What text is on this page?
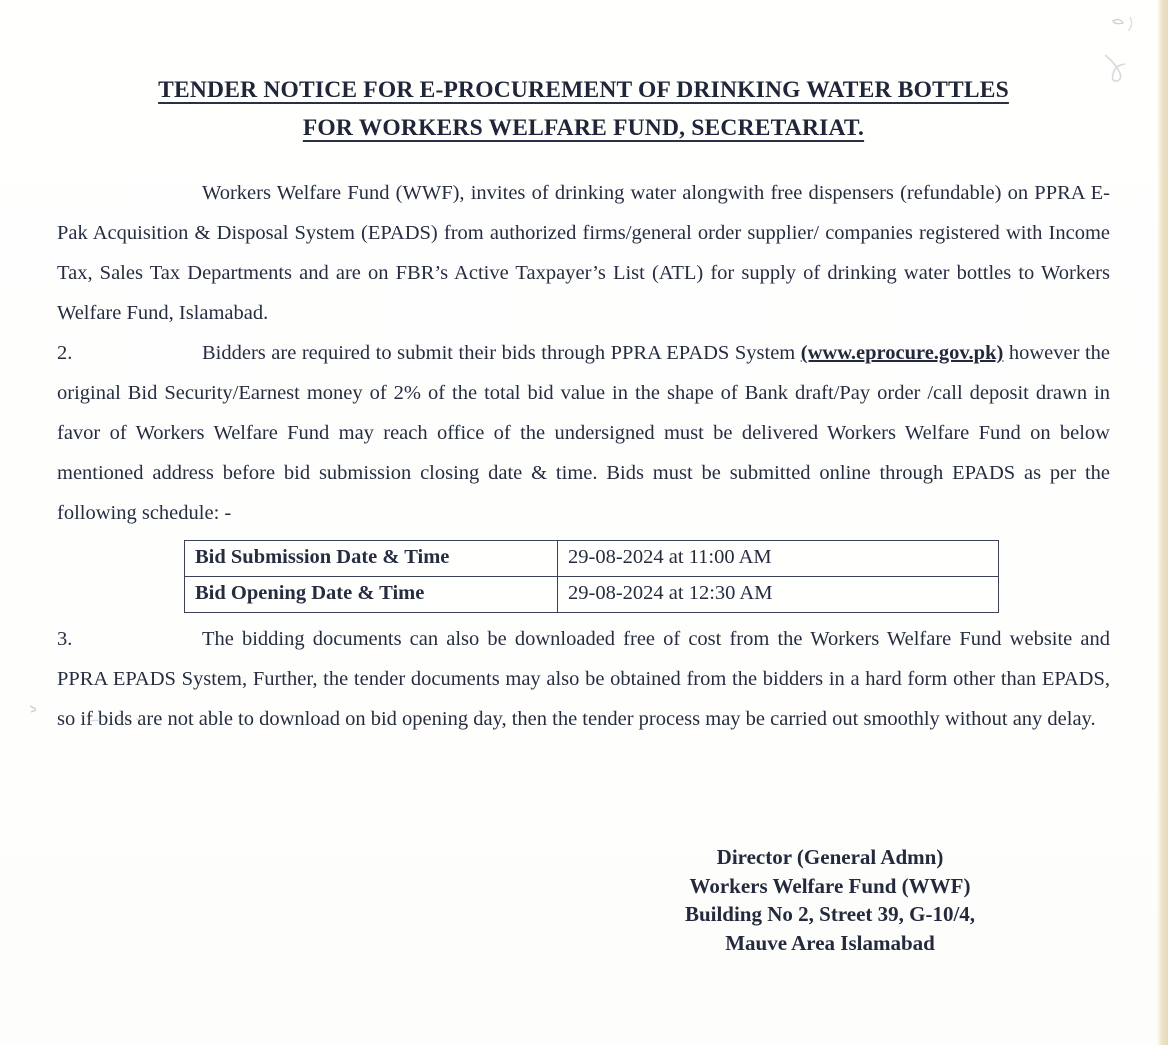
TENDER NOTICE FOR E-PROCUREMENT OF DRINKING WATER BOTTLES
FOR WORKERS WELFARE FUND, SECRETARIAT.

Workers Welfare Fund (WWF), invites of drinking water alongwith free dispensers (refundable) on PPRA E-Pak Acquisition & Disposal System (EPADS) from authorized firms/general order supplier/ companies registered with Income Tax, Sales Tax Departments and are on FBR’s Active Taxpayer’s List (ATL) for supply of drinking water bottles to Workers Welfare Fund, Islamabad.

2.	Bidders are required to submit their bids through PPRA EPADS System (www.eprocure.gov.pk) however the original Bid Security/Earnest money of 2% of the total bid value in the shape of Bank draft/Pay order /call deposit drawn in favor of Workers Welfare Fund may reach office of the undersigned must be delivered Workers Welfare Fund on below mentioned address before bid submission closing date & time. Bids must be submitted online through EPADS as per the following schedule: -

Bid Submission Date & Time	29-08-2024 at 11:00 AM
Bid Opening Date & Time	29-08-2024 at 12:30 AM

3.	The bidding documents can also be downloaded free of cost from the Workers Welfare Fund website and PPRA EPADS System, Further, the tender documents may also be obtained from the bidders in a hard form other than EPADS, so if bids are not able to download on bid opening day, then the tender process may be carried out smoothly without any delay.

Director (General Admn)
Workers Welfare Fund (WWF)
Building No 2, Street 39, G-10/4,
Mauve Area Islamabad
